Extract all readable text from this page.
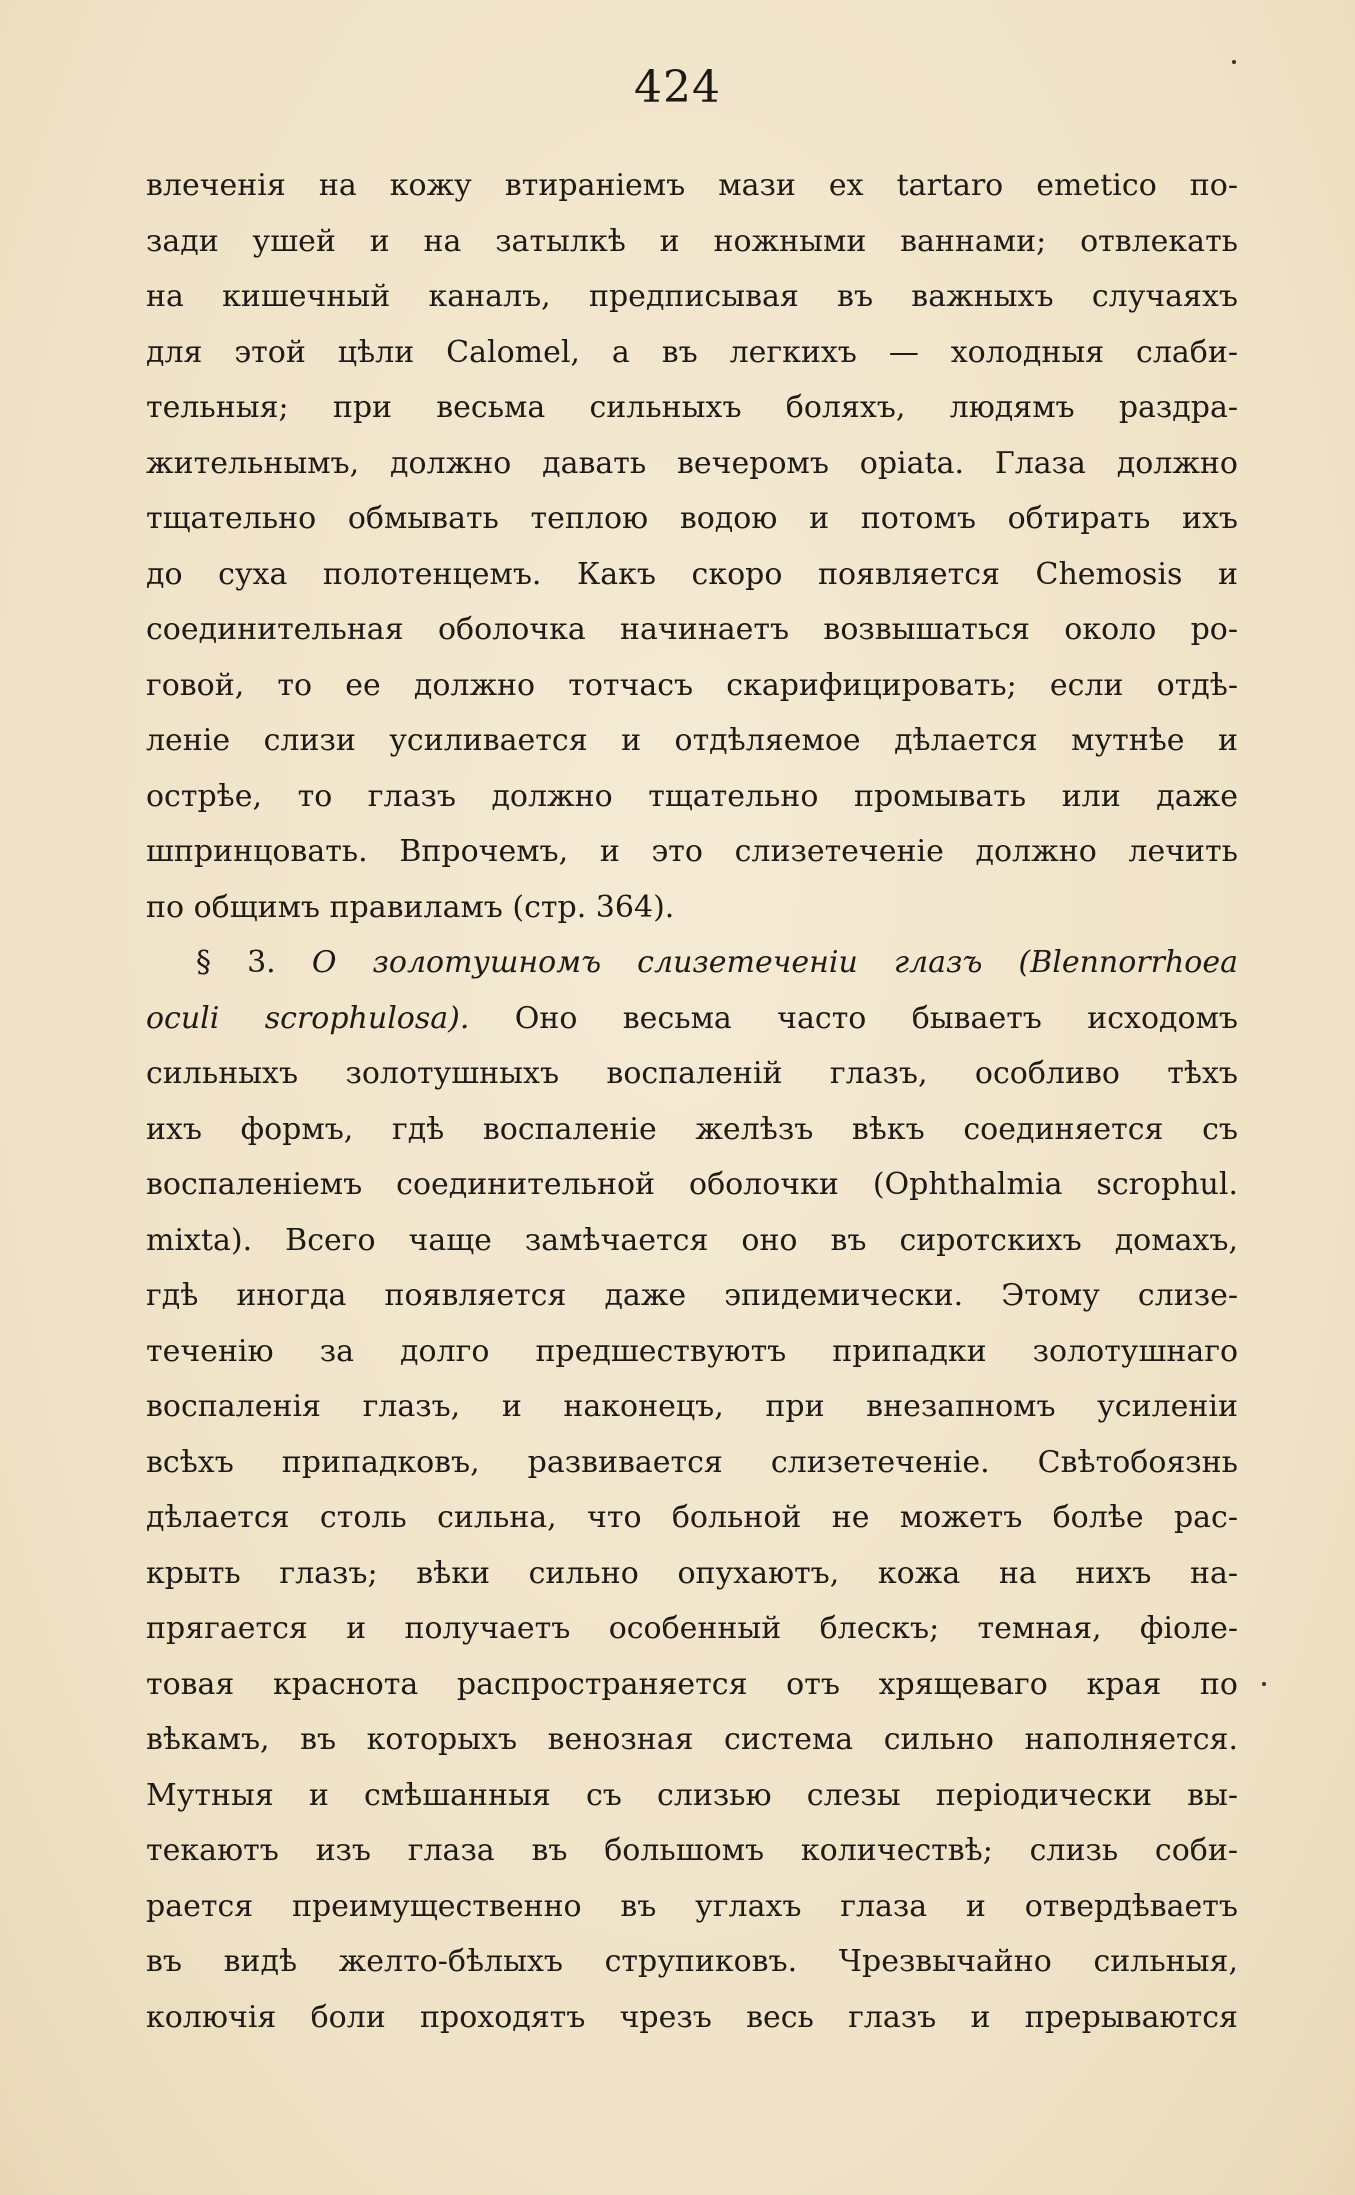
424
влеченія на кожу втираніемъ мази ex tartaro emetico по-
зади ушей и на затылкѣ и ножными ваннами; отвлекать
на кишечный каналъ, предписывая въ важныхъ случаяхъ
для этой цѣли Calomel, а въ легкихъ — холодныя слаби-
тельныя; при весьма сильныхъ боляхъ, людямъ раздра-
жительнымъ, должно давать вечеромъ opiata. Глаза должно
тщательно обмывать теплою водою и потомъ обтирать ихъ
до суха полотенцемъ. Какъ скоро появляется Chemosis и
соединительная оболочка начинаетъ возвышаться около ро-
говой, то ее должно тотчасъ скарифицировать; если отдѣ-
леніе слизи усиливается и отдѣляемое дѣлается мутнѣе и
острѣе, то глазъ должно тщательно промывать или даже
шпринцовать. Впрочемъ, и это слизетеченіе должно лечить
по общимъ правиламъ (стр. 364).
§ 3. О золотушномъ слизетеченіи глазъ (Blennorrhoea
oculi scrophulosa). Оно весьма часто бываетъ исходомъ
сильныхъ золотушныхъ воспаленій глазъ, особливо тѣхъ
ихъ формъ, гдѣ воспаленіе желѣзъ вѣкъ соединяется съ
воспаленіемъ соединительной оболочки (Ophthalmia scrophul.
mixta). Всего чаще замѣчается оно въ сиротскихъ домахъ,
гдѣ иногда появляется даже эпидемически. Этому слизе-
теченію за долго предшествуютъ припадки золотушнаго
воспаленія глазъ, и наконецъ, при внезапномъ усиленіи
всѣхъ припадковъ, развивается слизетеченіе. Свѣтобоязнь
дѣлается столь сильна, что больной не можетъ болѣе рас-
крыть глазъ; вѣки сильно опухаютъ, кожа на нихъ на-
прягается и получаетъ особенный блескъ; темная, фіоле-
товая краснота распространяется отъ хрящеваго края по
вѣкамъ, въ которыхъ венозная система сильно наполняется.
Мутныя и смѣшанныя съ слизью слезы періодически вы-
текаютъ изъ глаза въ большомъ количествѣ; слизь соби-
рается преимущественно въ углахъ глаза и отвердѣваетъ
въ видѣ желто-бѣлыхъ струпиковъ. Чрезвычайно сильныя,
колючія боли проходятъ чрезъ весь глазъ и прерываются
